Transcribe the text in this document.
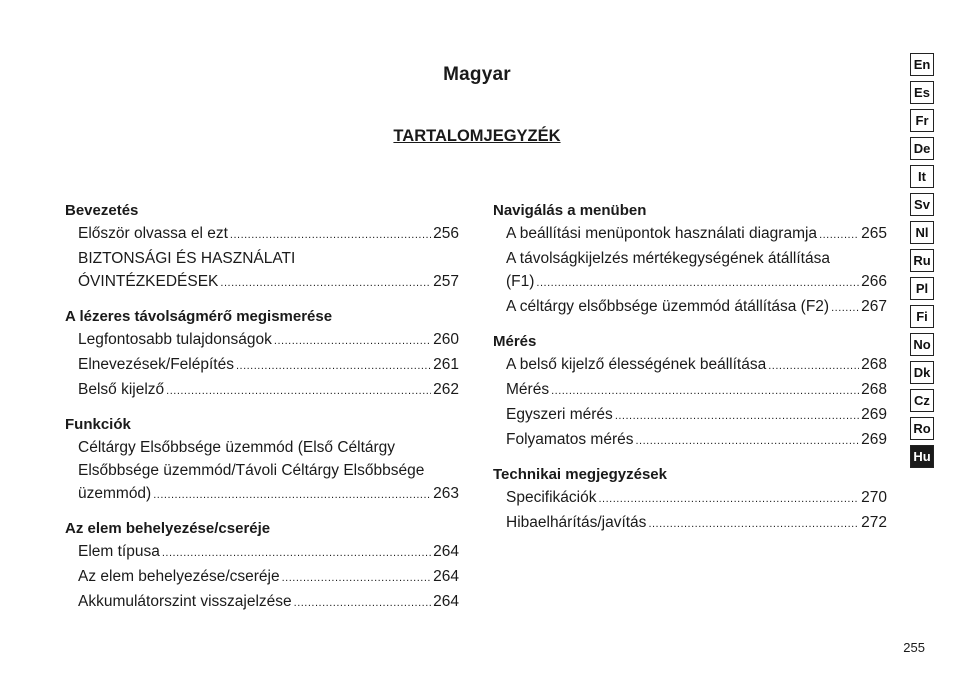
Magyar
TARTALOMJEGYZÉK
Bevezetés
Először olvassa el ezt .....	256
BIZTONSÁGI ÉS HASZNÁLATI
ÓVINTÉZKEDÉSEK .....	257
A lézeres távolságmérő megismerése
Legfontosabb tulajdonságok .....	260
Elnevezések/Felépítés .....	261
Belső kijelző .....	262
Funkciók
Céltárgy Elsőbbsége üzemmód (Első Céltárgy
Elsőbbsége üzemmód/Távoli Céltárgy Elsőbbsége
üzemmód) .....	263
Az elem behelyezése/cseréje
Elem típusa .....	264
Az elem behelyezése/cseréje .....	264
Akkumulátorszint visszajelzése .....	264
Navigálás a menüben
A beállítási menüpontok használati diagramja .....	265
A távolságkijelzés mértékegységének átállítása
(F1) .....	266
A céltárgy elsőbbsége üzemmód átállítása (F2) ..... 267
Mérés
A belső kijelző élességének beállítása .....	268
Mérés .....	268
Egyszeri mérés .....	269
Folyamatos mérés .....	269
Technikai megjegyzések
Specifikációk .....	270
Hibaelhárítás/javítás .....	272
En
Es
Fr
De
It
Sv
Nl
Ru
Pl
Fi
No
Dk
Cz
Ro
Hu
255
